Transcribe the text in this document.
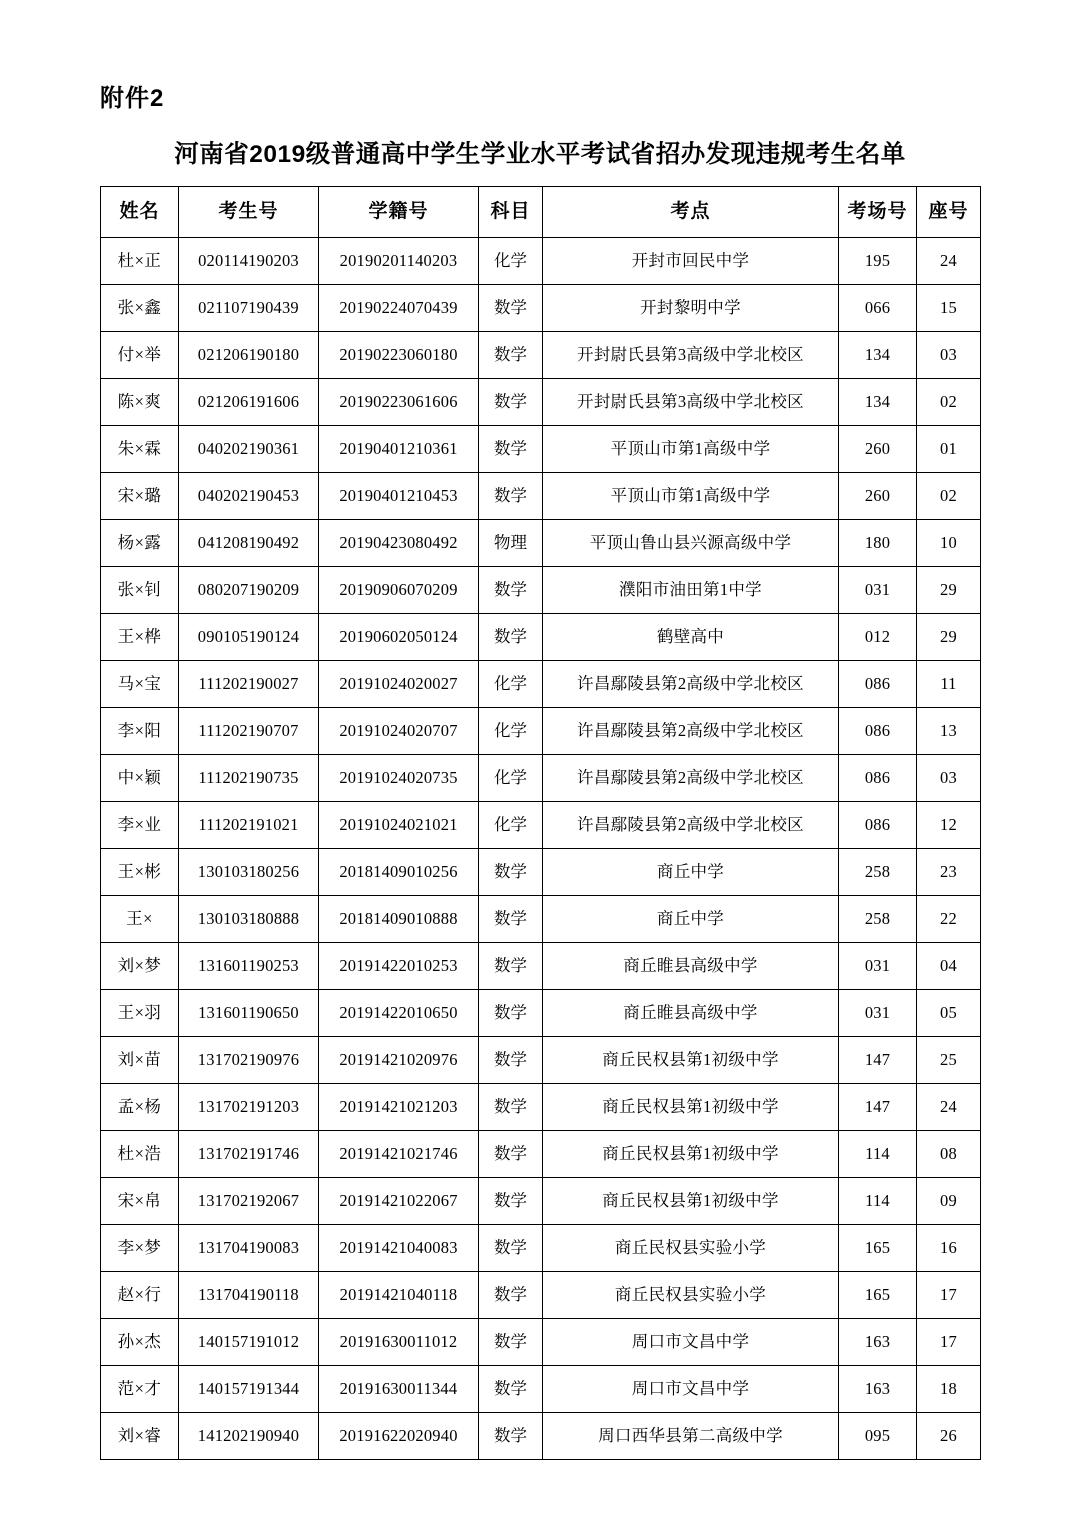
附件2
河南省2019级普通高中学生学业水平考试省招办发现违规考生名单
姓名	考生号	学籍号	科目	考点	考场号	座号
杜×正	020114190203	20190201140203	化学	开封市回民中学	195	24
张×鑫	021107190439	20190224070439	数学	开封黎明中学	066	15
付×举	021206190180	20190223060180	数学	开封尉氏县第3高级中学北校区	134	03
陈×爽	021206191606	20190223061606	数学	开封尉氏县第3高级中学北校区	134	02
朱×霖	040202190361	20190401210361	数学	平顶山市第1高级中学	260	01
宋×璐	040202190453	20190401210453	数学	平顶山市第1高级中学	260	02
杨×露	041208190492	20190423080492	物理	平顶山鲁山县兴源高级中学	180	10
张×钊	080207190209	20190906070209	数学	濮阳市油田第1中学	031	29
王×桦	090105190124	20190602050124	数学	鹤壁高中	012	29
马×宝	111202190027	20191024020027	化学	许昌鄢陵县第2高级中学北校区	086	11
李×阳	111202190707	20191024020707	化学	许昌鄢陵县第2高级中学北校区	086	13
中×颖	111202190735	20191024020735	化学	许昌鄢陵县第2高级中学北校区	086	03
李×业	111202191021	20191024021021	化学	许昌鄢陵县第2高级中学北校区	086	12
王×彬	130103180256	20181409010256	数学	商丘中学	258	23
王×	130103180888	20181409010888	数学	商丘中学	258	22
刘×梦	131601190253	20191422010253	数学	商丘睢县高级中学	031	04
王×羽	131601190650	20191422010650	数学	商丘睢县高级中学	031	05
刘×苗	131702190976	20191421020976	数学	商丘民权县第1初级中学	147	25
孟×杨	131702191203	20191421021203	数学	商丘民权县第1初级中学	147	24
杜×浩	131702191746	20191421021746	数学	商丘民权县第1初级中学	114	08
宋×帛	131702192067	20191421022067	数学	商丘民权县第1初级中学	114	09
李×梦	131704190083	20191421040083	数学	商丘民权县实验小学	165	16
赵×行	131704190118	20191421040118	数学	商丘民权县实验小学	165	17
孙×杰	140157191012	20191630011012	数学	周口市文昌中学	163	17
范×才	140157191344	20191630011344	数学	周口市文昌中学	163	18
刘×睿	141202190940	20191622020940	数学	周口西华县第二高级中学	095	26
